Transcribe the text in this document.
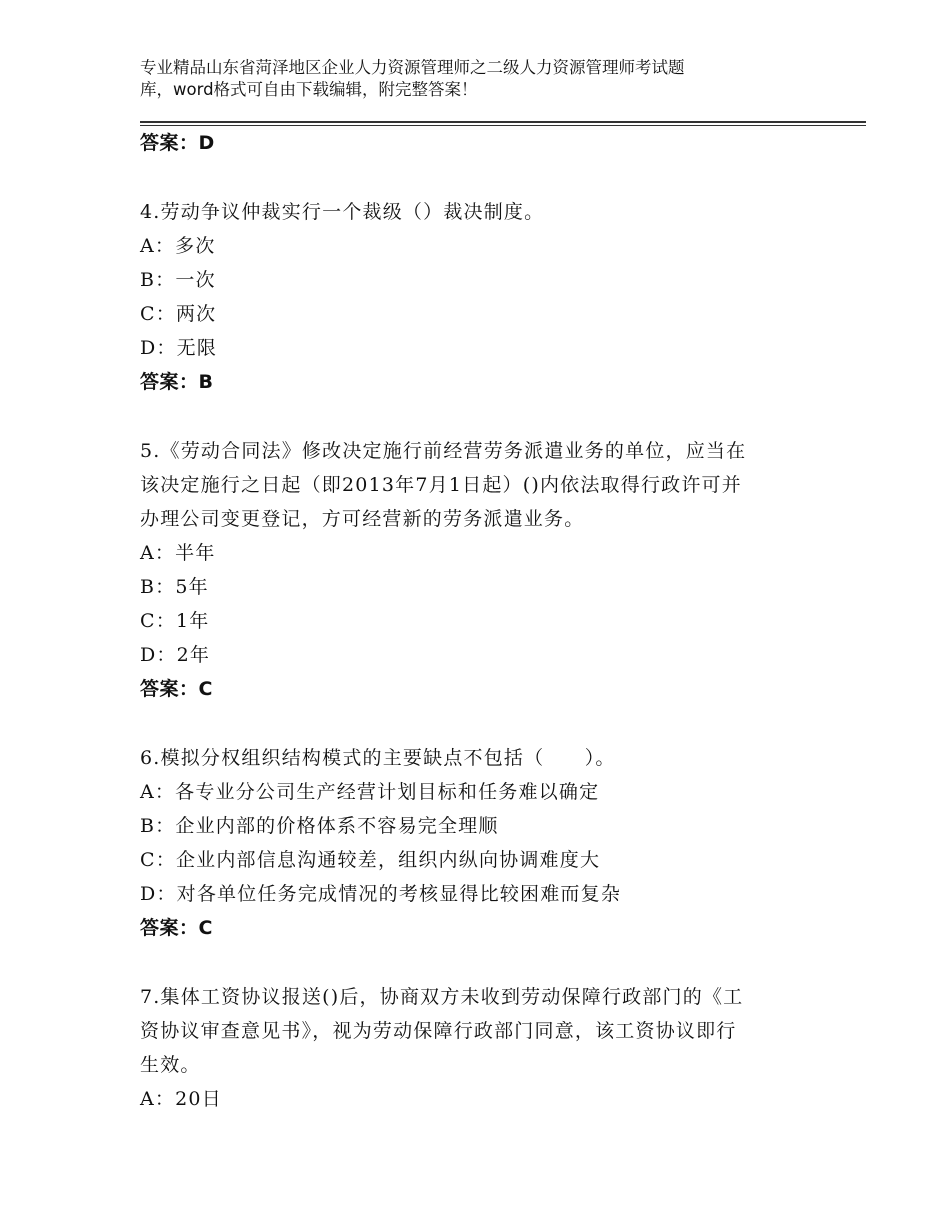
专业精品山东省菏泽地区企业人力资源管理师之二级人力资源管理师考试题
库，word格式可自由下载编辑，附完整答案！
答案：D
4.劳动争议仲裁实行一个裁级（）裁决制度。
A：多次
B：一次
C：两次
D：无限
答案：B
5.《劳动合同法》修改决定施行前经营劳务派遣业务的单位，应当在
该决定施行之日起（即2013年7月1日起）()内依法取得行政许可并
办理公司变更登记，方可经营新的劳务派遣业务。
A：半年
B：5年
C：1年
D：2年
答案：C
6.模拟分权组织结构模式的主要缺点不包括（　　）。
A：各专业分公司生产经营计划目标和任务难以确定
B：企业内部的价格体系不容易完全理顺
C：企业内部信息沟通较差，组织内纵向协调难度大
D：对各单位任务完成情况的考核显得比较困难而复杂
答案：C
7.集体工资协议报送()后，协商双方未收到劳动保障行政部门的《工
资协议审查意见书》，视为劳动保障行政部门同意，该工资协议即行
生效。
A：20日
